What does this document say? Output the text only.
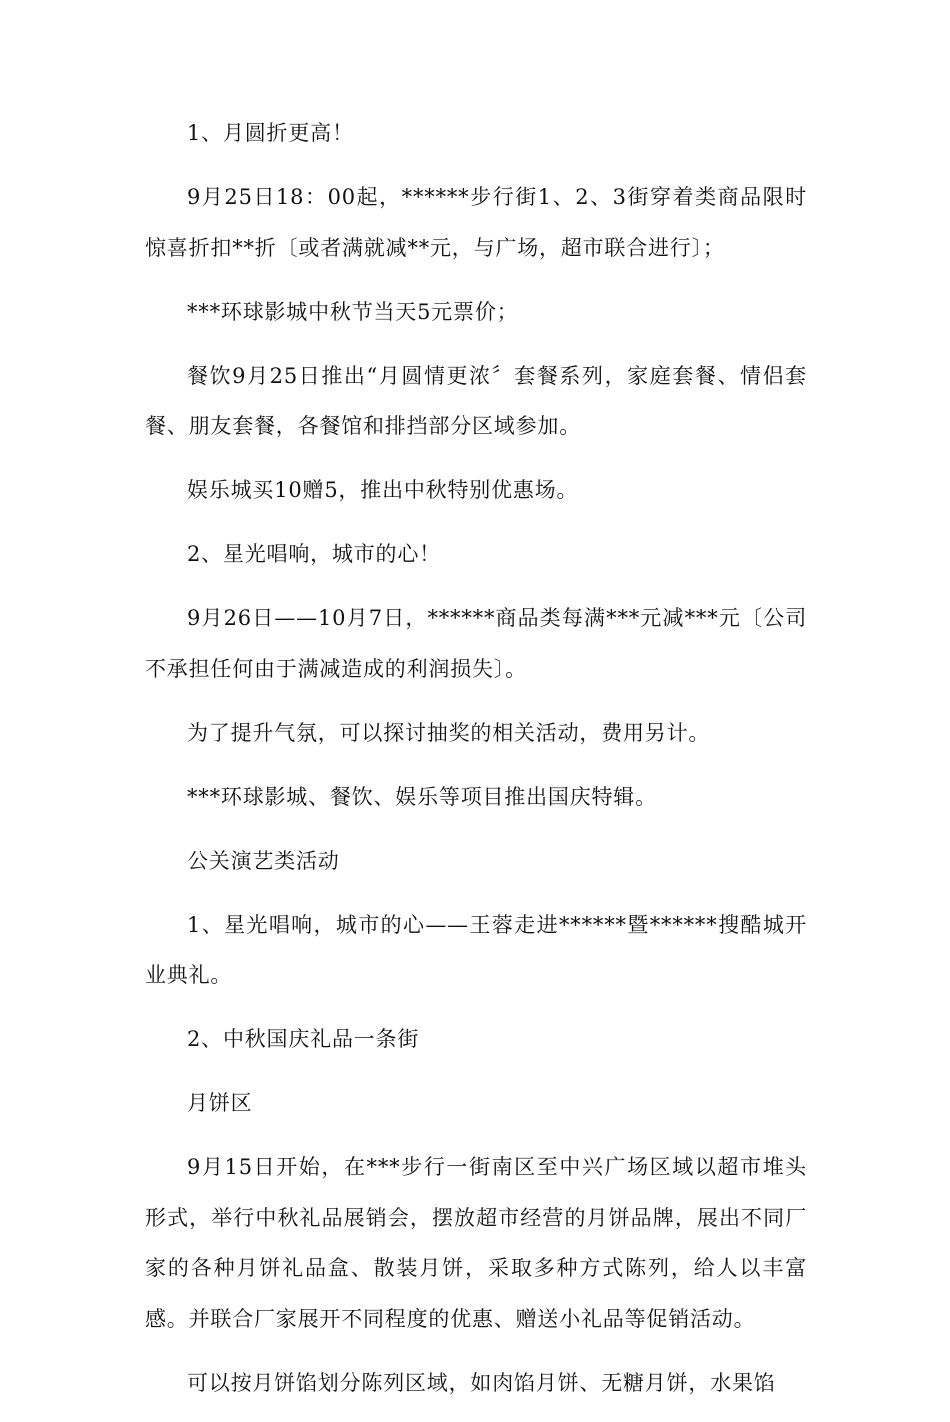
1、月圆折更高！

9月25日18：00起，******步行街1、2、3街穿着类商品限时惊喜折扣**折〔或者满就减**元，与广场，超市联合进行〕；

***环球影城中秋节当天5元票价；

餐饮9月25日推出“月圆情更浓〞套餐系列，家庭套餐、情侣套餐、朋友套餐，各餐馆和排挡部分区域参加。

娱乐城买10赠5，推出中秋特别优惠场。

2、星光唱响，城市的心！

9月26日——10月7日，******商品类每满***元减***元〔公司不承担任何由于满减造成的利润损失〕。

为了提升气氛，可以探讨抽奖的相关活动，费用另计。

***环球影城、餐饮、娱乐等项目推出国庆特辑。

公关演艺类活动

1、星光唱响，城市的心——王蓉走进******暨******搜酷城开业典礼。

2、中秋国庆礼品一条街

月饼区

9月15日开始，在***步行一街南区至中兴广场区域以超市堆头形式，举行中秋礼品展销会，摆放超市经营的月饼品牌，展出不同厂家的各种月饼礼品盒、散装月饼，采取多种方式陈列，给人以丰富感。并联合厂家展开不同程度的优惠、赠送小礼品等促销活动。

可以按月饼馅划分陈列区域，如肉馅月饼、无糖月饼，水果馅
